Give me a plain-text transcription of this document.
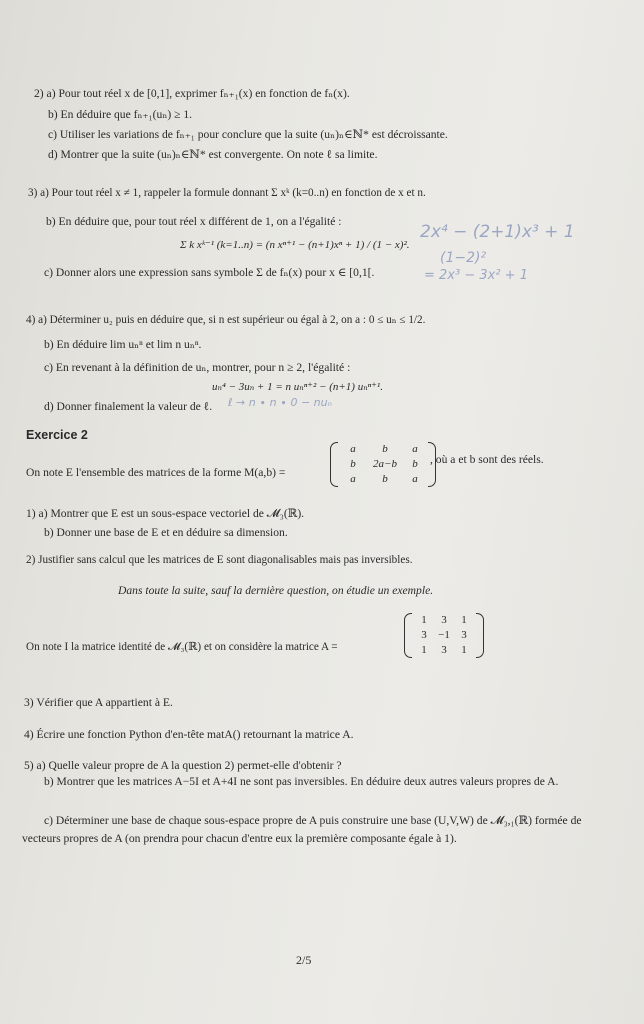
2) a) Pour tout réel x de [0,1], exprimer fₙ₊₁(x) en fonction de fₙ(x).
b) En déduire que fₙ₊₁(uₙ) ≥ 1.
c) Utiliser les variations de fₙ₊₁ pour conclure que la suite (uₙ)ₙ∈ℕ* est décroissante.
d) Montrer que la suite (uₙ)ₙ∈ℕ* est convergente. On note ℓ sa limite.
3) a) Pour tout réel x ≠ 1, rappeler la formule donnant Σ xᵏ (k=0..n) en fonction de x et n.
b) En déduire que, pour tout réel x différent de 1, on a l'égalité :
Σ k xᵏ⁻¹ (k=1..n) = (n xⁿ⁺¹ − (n+1)xⁿ + 1) / (1 − x)².
c) Donner alors une expression sans symbole Σ de fₙ(x) pour x ∈ [0,1[.
2x⁴ − (2+1)x³ + 1
(1−2)²
= 2x³ − 3x² + 1
4) a) Déterminer u₂ puis en déduire que, si n est supérieur ou égal à 2, on a : 0 ≤ uₙ ≤ 1/2.
b) En déduire lim uₙⁿ et lim n uₙⁿ.
c) En revenant à la définition de uₙ, montrer, pour n ≥ 2, l'égalité :
uₙ⁴ − 3uₙ + 1 = n uₙⁿ⁺² − (n+1) uₙⁿ⁺¹.
d) Donner finalement la valeur de ℓ. ℓ → n ∙ n ∙ 0 − nuₙ
Exercice 2
On note E l'ensemble des matrices de la forme M(a,b) =
a	b	a
b	2a−b	b
a	b	a
, où a et b sont des réels.
1) a) Montrer que E est un sous-espace vectoriel de 𝓜₃(ℝ).
b) Donner une base de E et en déduire sa dimension.
2) Justifier sans calcul que les matrices de E sont diagonalisables mais pas inversibles.
Dans toute la suite, sauf la dernière question, on étudie un exemple.
On note I la matrice identité de 𝓜₃(ℝ) et on considère la matrice A =
1	3	1
3	−1	3
1	3	1
3) Vérifier que A appartient à E.
4) Écrire une fonction Python d'en-tête matA() retournant la matrice A.
5) a) Quelle valeur propre de A la question 2) permet-elle d'obtenir ?
b) Montrer que les matrices A−5I et A+4I ne sont pas inversibles. En déduire deux autres valeurs propres de A.
c) Déterminer une base de chaque sous-espace propre de A puis construire une base (U,V,W) de 𝓜₃,₁(ℝ) formée de vecteurs propres de A (on prendra pour chacun d'entre eux la première composante égale à 1).
2/5
